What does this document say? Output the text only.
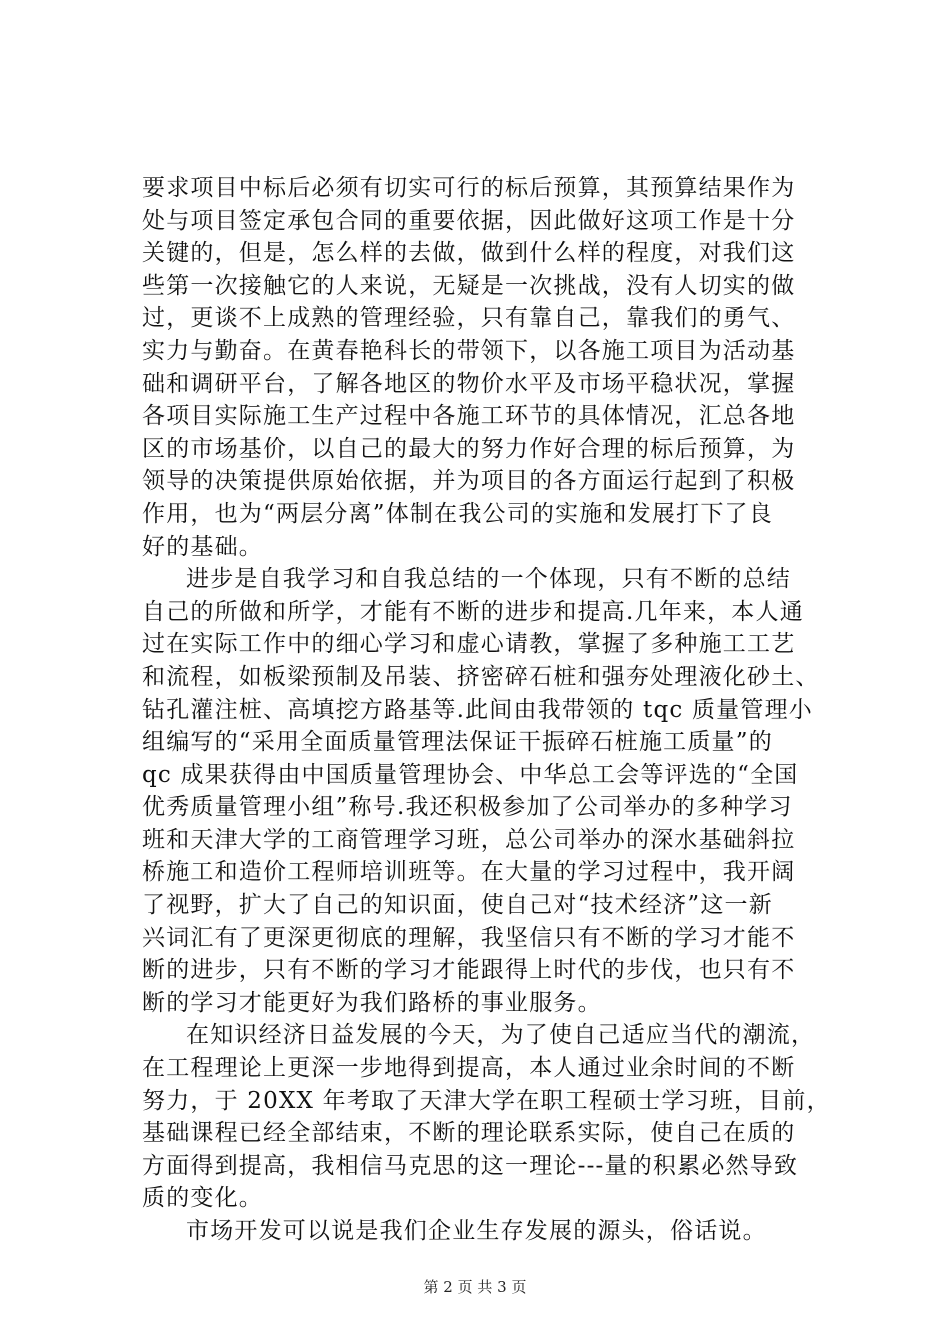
要求项目中标后必须有切实可行的标后预算，其预算结果作为
处与项目签定承包合同的重要依据，因此做好这项工作是十分
关键的，但是，怎么样的去做，做到什么样的程度，对我们这
些第一次接触它的人来说，无疑是一次挑战，没有人切实的做
过，更谈不上成熟的管理经验，只有靠自己，靠我们的勇气、
实力与勤奋。在黄春艳科长的带领下，以各施工项目为活动基
础和调研平台，了解各地区的物价水平及市场平稳状况，掌握
各项目实际施工生产过程中各施工环节的具体情况，汇总各地
区的市场基价，以自己的最大的努力作好合理的标后预算，为
领导的决策提供原始依据，并为项目的各方面运行起到了积极
作用，也为“两层分离”体制在我公司的实施和发展打下了良
好的基础。
进步是自我学习和自我总结的一个体现，只有不断的总结
自己的所做和所学，才能有不断的进步和提高.几年来，本人通
过在实际工作中的细心学习和虚心请教，掌握了多种施工工艺
和流程，如板梁预制及吊装、挤密碎石桩和强夯处理液化砂土、
钻孔灌注桩、高填挖方路基等.此间由我带领的 tqc 质量管理小
组编写的“采用全面质量管理法保证干振碎石桩施工质量”的
qc 成果获得由中国质量管理协会、中华总工会等评选的“全国
优秀质量管理小组”称号.我还积极参加了公司举办的多种学习
班和天津大学的工商管理学习班，总公司举办的深水基础斜拉
桥施工和造价工程师培训班等。在大量的学习过程中，我开阔
了视野，扩大了自己的知识面，使自己对“技术经济”这一新
兴词汇有了更深更彻底的理解，我坚信只有不断的学习才能不
断的进步，只有不断的学习才能跟得上时代的步伐，也只有不
断的学习才能更好为我们路桥的事业服务。
在知识经济日益发展的今天，为了使自己适应当代的潮流，
在工程理论上更深一步地得到提高，本人通过业余时间的不断
努力，于 20XX 年考取了天津大学在职工程硕士学习班，目前，
基础课程已经全部结束，不断的理论联系实际，使自己在质的
方面得到提高，我相信马克思的这一理论---量的积累必然导致
质的变化。
市场开发可以说是我们企业生存发展的源头，俗话说。
第 2 页 共 3 页
